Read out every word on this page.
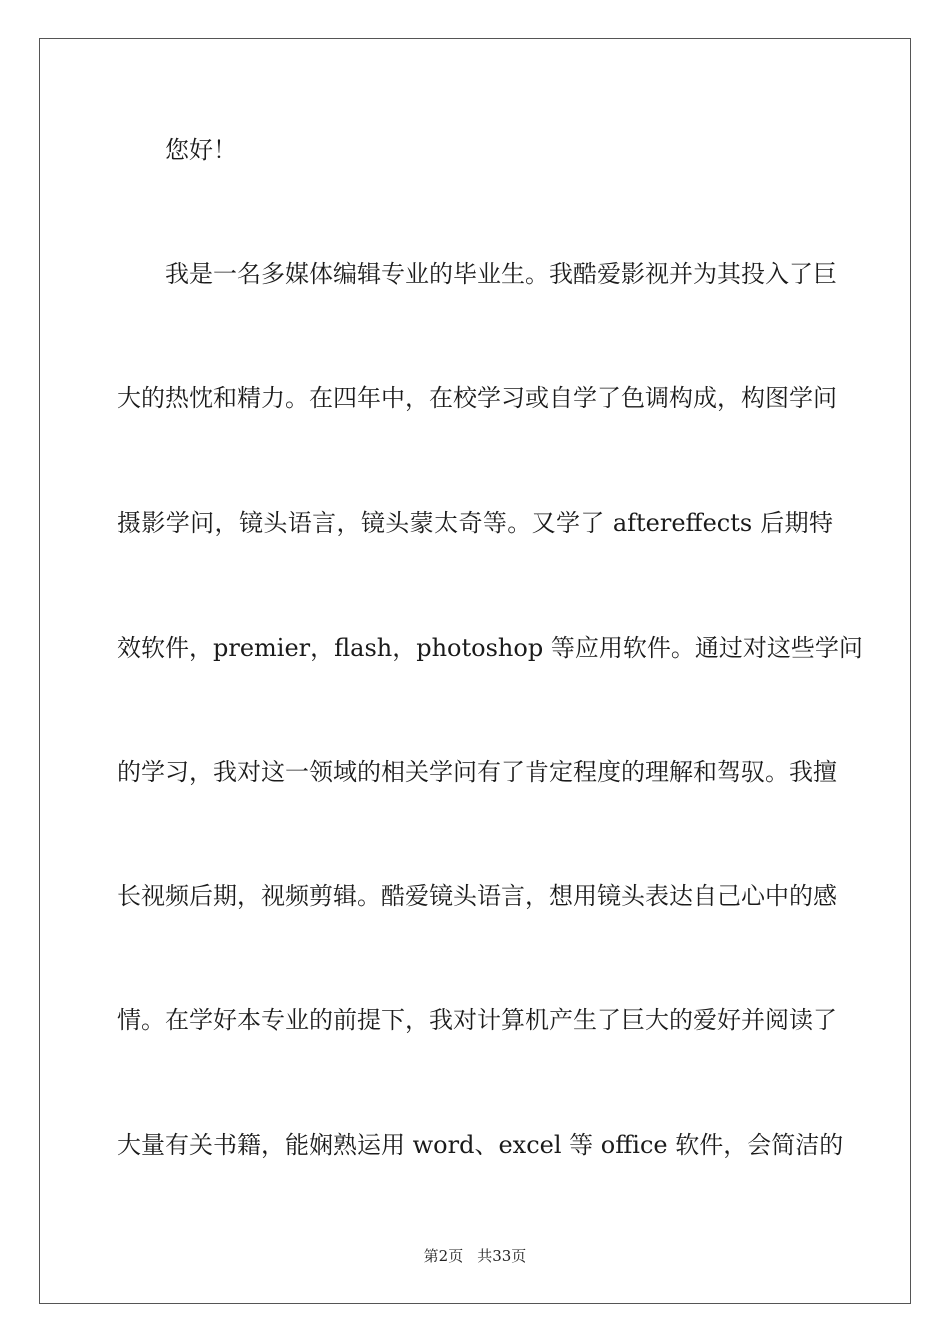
您好！
我是一名多媒体编辑专业的毕业生。我酷爱影视并为其投入了巨
大的热忱和精力。在四年中，在校学习或自学了色调构成，构图学问
摄影学问，镜头语言，镜头蒙太奇等。又学了 aftereffects 后期特
效软件，premier，flash，photoshop 等应用软件。通过对这些学问
的学习，我对这一领域的相关学问有了肯定程度的理解和驾驭。我擅
长视频后期，视频剪辑。酷爱镜头语言，想用镜头表达自己心中的感
情。在学好本专业的前提下，我对计算机产生了巨大的爱好并阅读了
大量有关书籍，能娴熟运用 word、excel 等 office 软件，会简洁的
第2页 共33页
